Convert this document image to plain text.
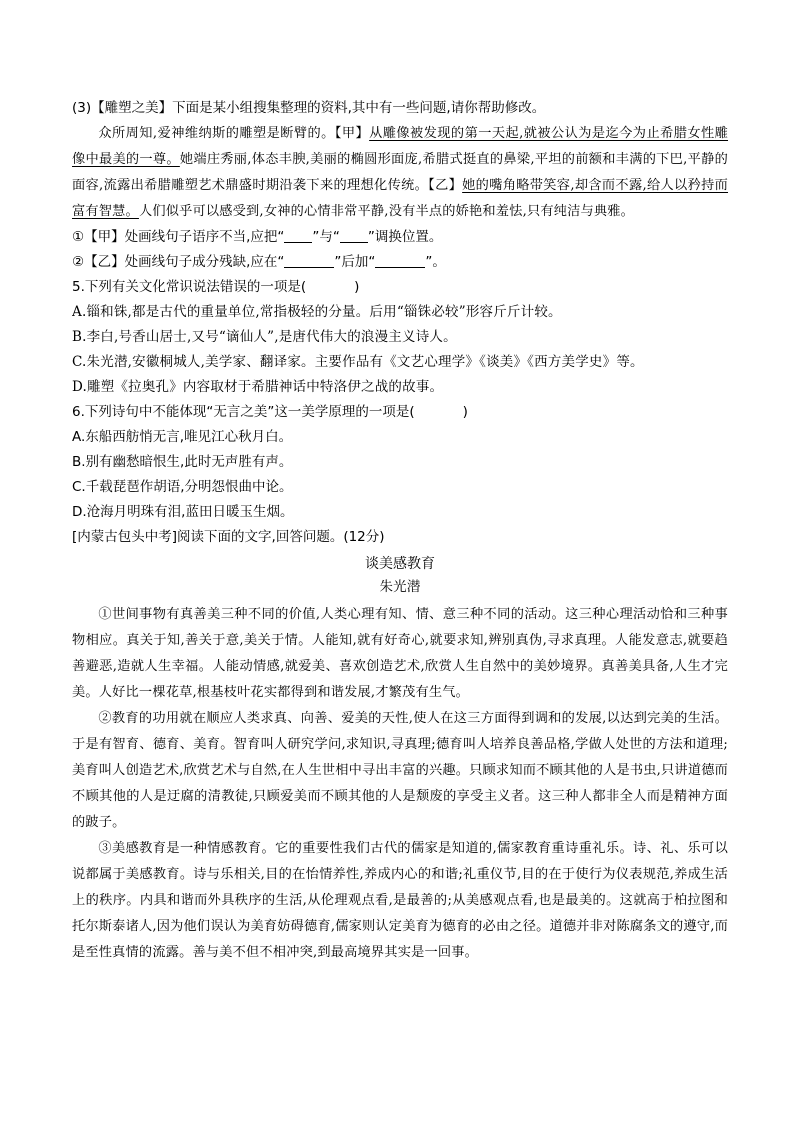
(3)【雕塑之美】下面是某小组搜集整理的资料,其中有一些问题,请你帮助修改。

众所周知,爱神维纳斯的雕塑是断臂的。【甲】从雕像被发现的第一天起,就被公认为是迄今为止希腊女性雕像中最美的一尊。她端庄秀丽,体态丰腴,美丽的椭圆形面庞,希腊式挺直的鼻梁,平坦的前额和丰满的下巴,平静的面容,流露出希腊雕塑艺术鼎盛时期沿袭下来的理想化传统。【乙】她的嘴角略带笑容,却含而不露,给人以矜持而富有智慧。人们似乎可以感受到,女神的心情非常平静,没有半点的娇艳和羞怯,只有纯洁与典雅。

①【甲】处画线句子语序不当,应把“ ”与“ ”调换位置。
②【乙】处画线句子成分残缺,应在“	”后加“	”。
5.下列有关文化常识说法错误的一项是(	)
A.锱和铢,都是古代的重量单位,常指极轻的分量。后用“锱铢必较”形容斤斤计较。
B.李白,号香山居士,又号“谪仙人”,是唐代伟大的浪漫主义诗人。
C.朱光潜,安徽桐城人,美学家、翻译家。主要作品有《文艺心理学》《谈美》《西方美学史》等。
D.雕塑《拉奥孔》内容取材于希腊神话中特洛伊之战的故事。
6.下列诗句中不能体现“无言之美”这一美学原理的一项是(	)
A.东船西舫悄无言,唯见江心秋月白。
B.别有幽愁暗恨生,此时无声胜有声。
C.千载琵琶作胡语,分明怨恨曲中论。
D.沧海月明珠有泪,蓝田日暖玉生烟。
[内蒙古包头中考]阅读下面的文字,回答问题。(12分)
谈美感教育
朱光潜

①世间事物有真善美三种不同的价值,人类心理有知、情、意三种不同的活动。这三种心理活动恰和三种事物相应。真关于知,善关于意,美关于情。人能知,就有好奇心,就要求知,辨别真伪,寻求真理。人能发意志,就要趋善避恶,造就人生幸福。人能动情感,就爱美、喜欢创造艺术,欣赏人生自然中的美妙境界。真善美具备,人生才完美。人好比一棵花草,根基枝叶花实都得到和谐发展,才繁茂有生气。

②教育的功用就在顺应人类求真、向善、爱美的天性,使人在这三方面得到调和的发展,以达到完美的生活。于是有智育、德育、美育。智育叫人研究学问,求知识,寻真理;德育叫人培养良善品格,学做人处世的方法和道理;美育叫人创造艺术,欣赏艺术与自然,在人生世相中寻出丰富的兴趣。只顾求知而不顾其他的人是书虫,只讲道德而不顾其他的人是迂腐的清教徒,只顾爱美而不顾其他的人是颓废的享受主义者。这三种人都非全人而是精神方面的跛子。

③美感教育是一种情感教育。它的重要性我们古代的儒家是知道的,儒家教育重诗重礼乐。诗、礼、乐可以说都属于美感教育。诗与乐相关,目的在怡情养性,养成内心的和谐;礼重仪节,目的在于使行为仪表规范,养成生活上的秩序。内具和谐而外具秩序的生活,从伦理观点看,是最善的;从美感观点看,也是最美的。这就高于柏拉图和托尔斯泰诸人,因为他们误认为美育妨碍德育,儒家则认定美育为德育的必由之径。道德并非对陈腐条文的遵守,而是至性真情的流露。善与美不但不相冲突,到最高境界其实是一回事。
